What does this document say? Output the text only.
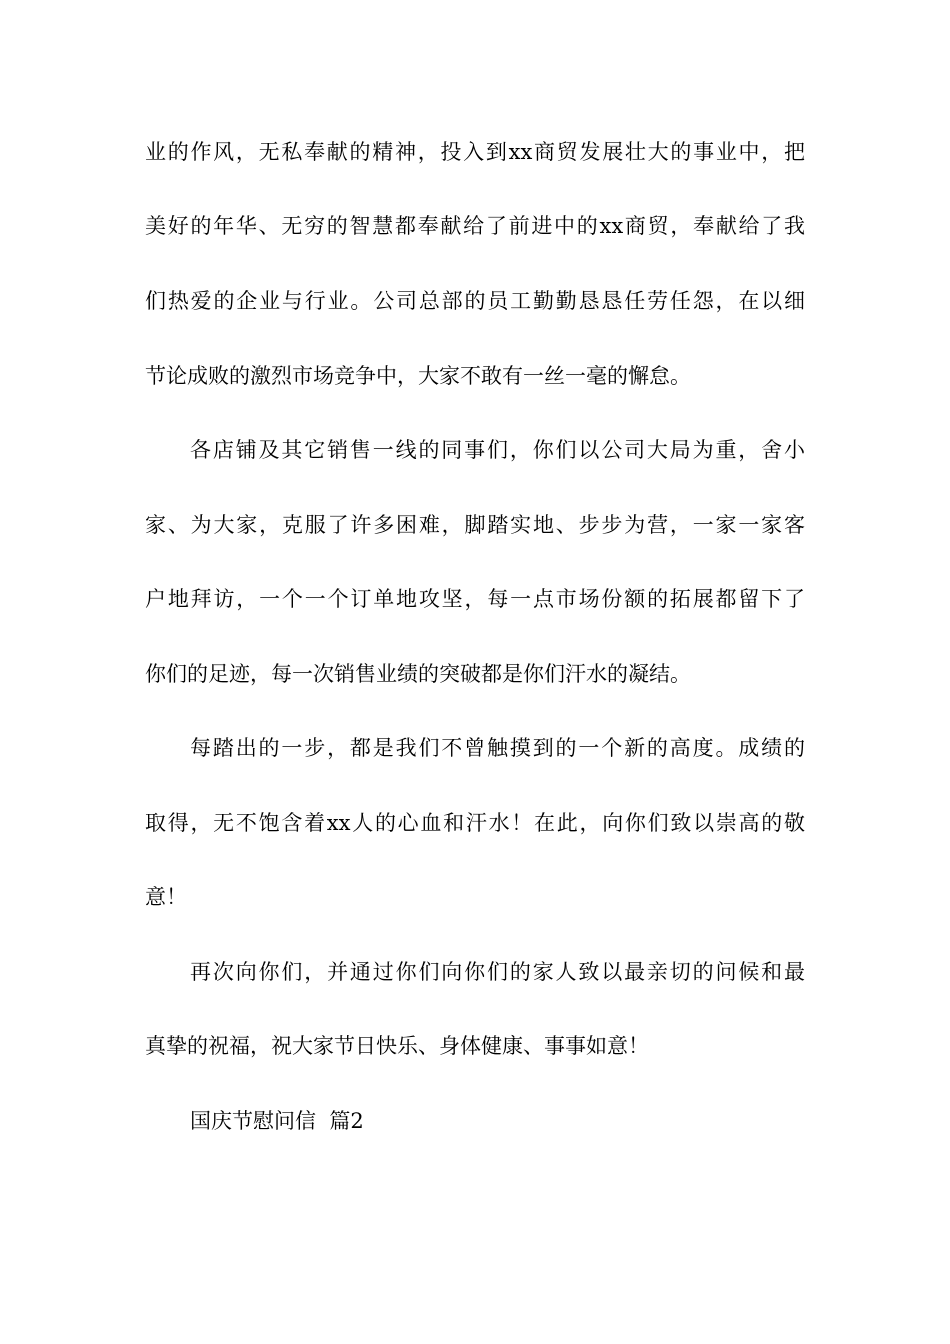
业的作风，无私奉献的精神，投入到xx商贸发展壮大的事业中，把
美好的年华、无穷的智慧都奉献给了前进中的xx商贸，奉献给了我
们热爱的企业与行业。公司总部的员工勤勤恳恳任劳任怨，在以细
节论成败的激烈市场竞争中，大家不敢有一丝一毫的懈怠。
各店铺及其它销售一线的同事们，你们以公司大局为重，舍小
家、为大家，克服了许多困难，脚踏实地、步步为营，一家一家客
户地拜访，一个一个订单地攻坚，每一点市场份额的拓展都留下了
你们的足迹，每一次销售业绩的突破都是你们汗水的凝结。
每踏出的一步，都是我们不曾触摸到的一个新的高度。成绩的
取得，无不饱含着xx人的心血和汗水！在此，向你们致以崇高的敬
意！
再次向你们，并通过你们向你们的家人致以最亲切的问候和最
真挚的祝福，祝大家节日快乐、身体健康、事事如意！
国庆节慰问信  篇2
